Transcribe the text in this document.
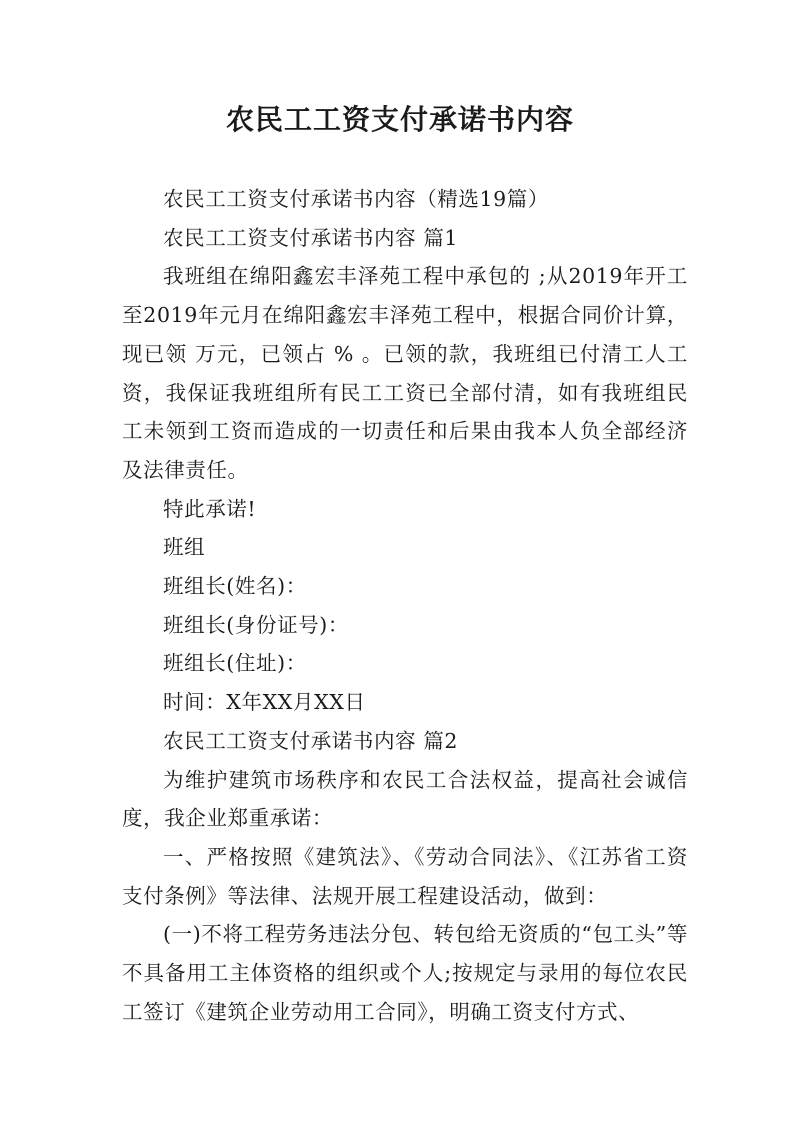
农民工工资支付承诺书内容

农民工工资支付承诺书内容（精选19篇）

农民工工资支付承诺书内容 篇1

我班组在绵阳鑫宏丰泽苑工程中承包的 ;从2019年开工至2019年元月在绵阳鑫宏丰泽苑工程中，根据合同价计算，现已领 万元，已领占 % 。已领的款，我班组已付清工人工资，我保证我班组所有民工工资已全部付清，如有我班组民工未领到工资而造成的一切责任和后果由我本人负全部经济及法律责任。

特此承诺!

班组

班组长(姓名)：

班组长(身份证号)：

班组长(住址)：

时间：X年XX月XX日

农民工工资支付承诺书内容 篇2

为维护建筑市场秩序和农民工合法权益，提高社会诚信度，我企业郑重承诺：

一、严格按照《建筑法》、《劳动合同法》、《江苏省工资支付条例》等法律、法规开展工程建设活动，做到：

(一)不将工程劳务违法分包、转包给无资质的“包工头”等不具备用工主体资格的组织或个人;按规定与录用的每位农民工签订《建筑企业劳动用工合同》，明确工资支付方式、
